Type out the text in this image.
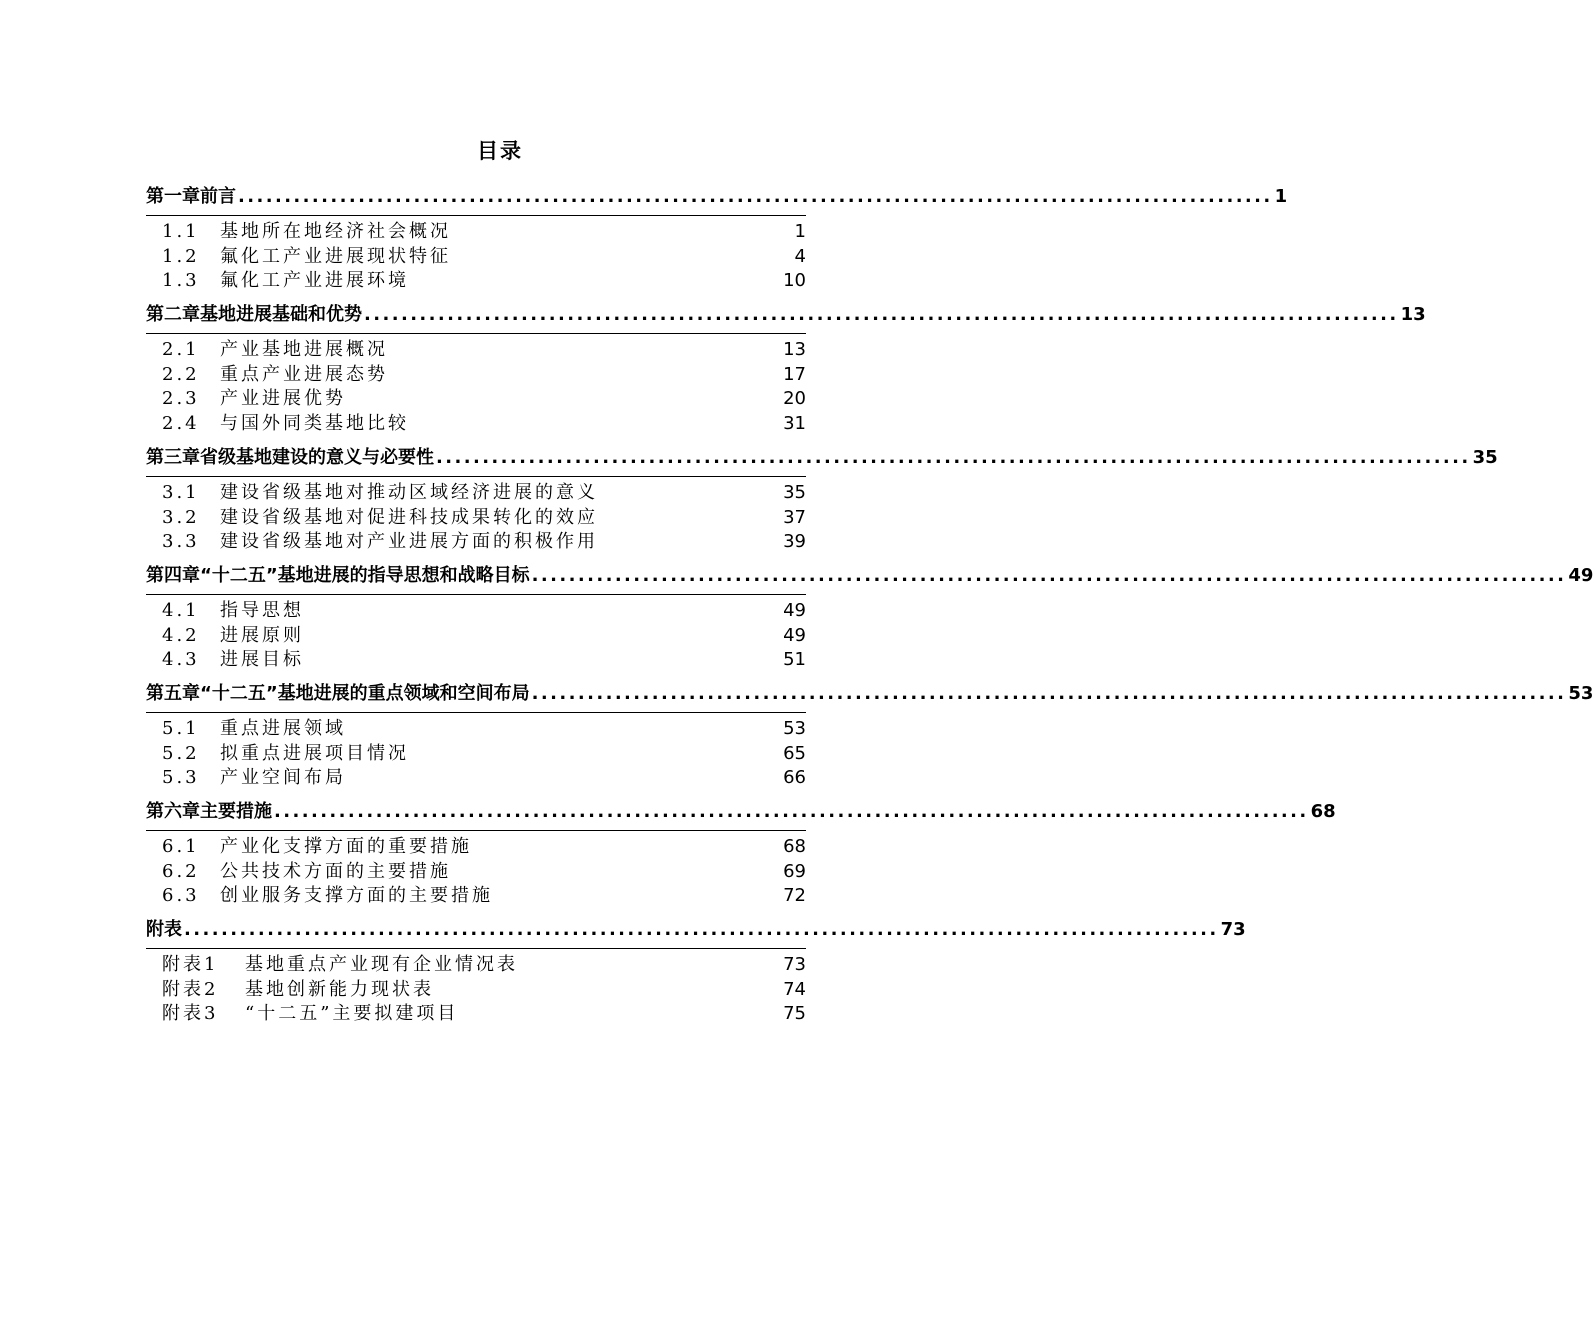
目录
第一章前言 ................................................................................................................ 1
1.1	基地所在地经济社会概况	1
1.2	氟化工产业进展现状特征	4
1.3	氟化工产业进展环境	10
第二章基地进展基础和优势 ................................................................................................................ 13
2.1	产业基地进展概况	13
2.2	重点产业进展态势	17
2.3	产业进展优势	20
2.4	与国外同类基地比较	31
第三章省级基地建设的意义与必要性 ................................................................................................................ 35
3.1	建设省级基地对推动区域经济进展的意义	35
3.2	建设省级基地对促进科技成果转化的效应	37
3.3	建设省级基地对产业进展方面的积极作用	39
第四章“十二五”基地进展的指导思想和战略目标 ................................................................................................................ 49
4.1	指导思想	49
4.2	进展原则	49
4.3	进展目标	51
第五章“十二五”基地进展的重点领域和空间布局 ................................................................................................................ 53
5.1	重点进展领域	53
5.2	拟重点进展项目情况	65
5.3	产业空间布局	66
第六章主要措施 ................................................................................................................ 68
6.1	产业化支撑方面的重要措施	68
6.2	公共技术方面的主要措施	69
6.3	创业服务支撑方面的主要措施	72
附表 ................................................................................................................ 73
附表1	基地重点产业现有企业情况表	73
附表2	基地创新能力现状表	74
附表3	“十二五”主要拟建项目	75
